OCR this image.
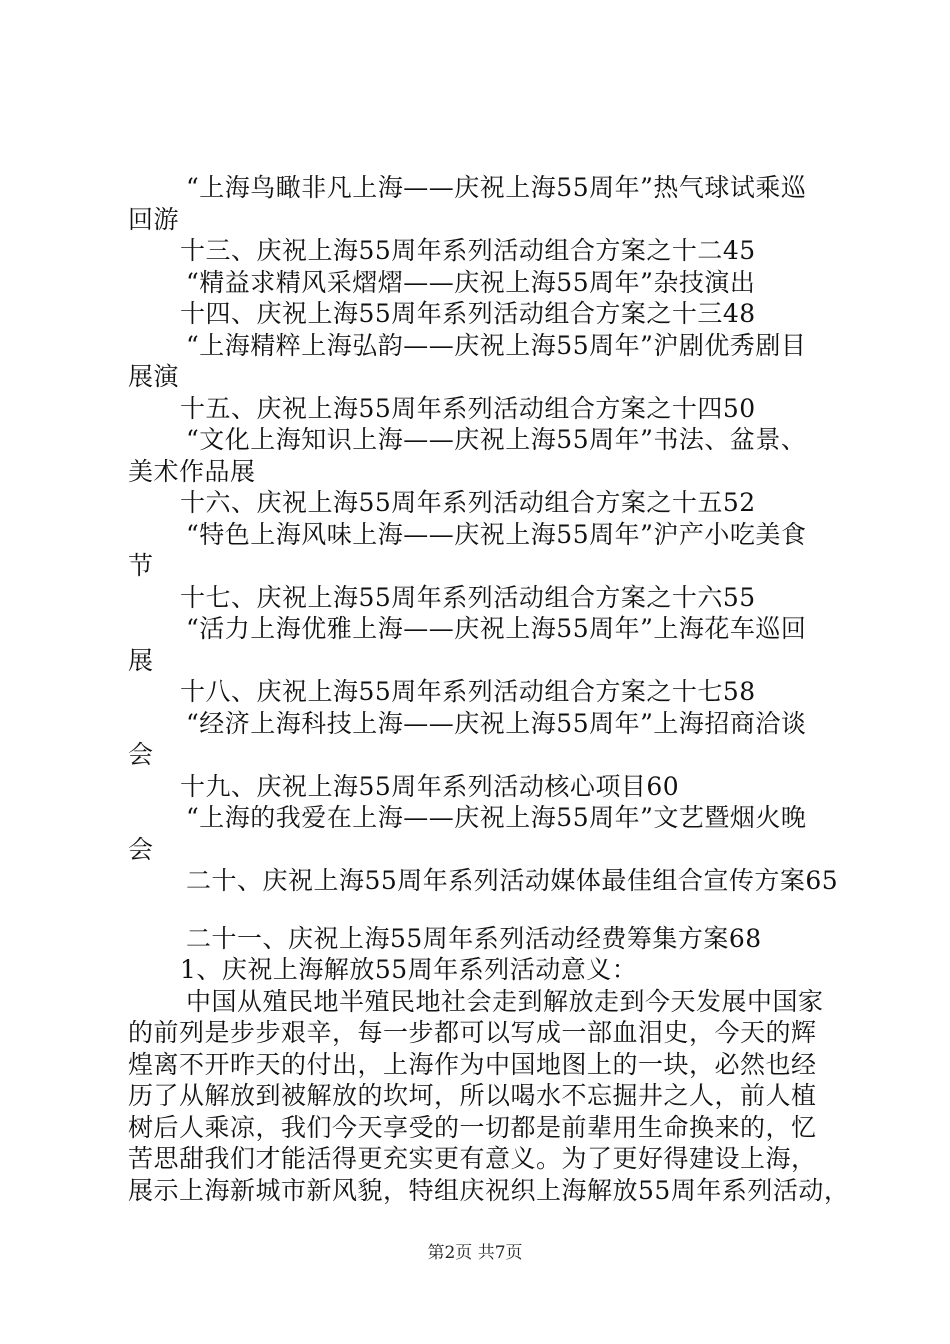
“上海鸟瞰非凡上海——庆祝上海55周年”热气球试乘巡
回游
十三、庆祝上海55周年系列活动组合方案之十二45
“精益求精风采熠熠——庆祝上海55周年”杂技演出
十四、庆祝上海55周年系列活动组合方案之十三48
“上海精粹上海弘韵——庆祝上海55周年”沪剧优秀剧目
展演
十五、庆祝上海55周年系列活动组合方案之十四50
“文化上海知识上海——庆祝上海55周年”书法、盆景、
美术作品展
十六、庆祝上海55周年系列活动组合方案之十五52
“特色上海风味上海——庆祝上海55周年”沪产小吃美食
节
十七、庆祝上海55周年系列活动组合方案之十六55
“活力上海优雅上海——庆祝上海55周年”上海花车巡回
展
十八、庆祝上海55周年系列活动组合方案之十七58
“经济上海科技上海——庆祝上海55周年”上海招商洽谈
会
十九、庆祝上海55周年系列活动核心项目60
“上海的我爱在上海——庆祝上海55周年”文艺暨烟火晚
会
二十、庆祝上海55周年系列活动媒体最佳组合宣传方案65
二十一、庆祝上海55周年系列活动经费筹集方案68
1、庆祝上海解放55周年系列活动意义：
中国从殖民地半殖民地社会走到解放走到今天发展中国家
的前列是步步艰辛，每一步都可以写成一部血泪史，今天的辉
煌离不开昨天的付出，上海作为中国地图上的一块，必然也经
历了从解放到被解放的坎坷，所以喝水不忘掘井之人，前人植
树后人乘凉，我们今天享受的一切都是前辈用生命换来的，忆
苦思甜我们才能活得更充实更有意义。为了更好得建设上海，
展示上海新城市新风貌，特组庆祝织上海解放55周年系列活动，
第2页 共7页
